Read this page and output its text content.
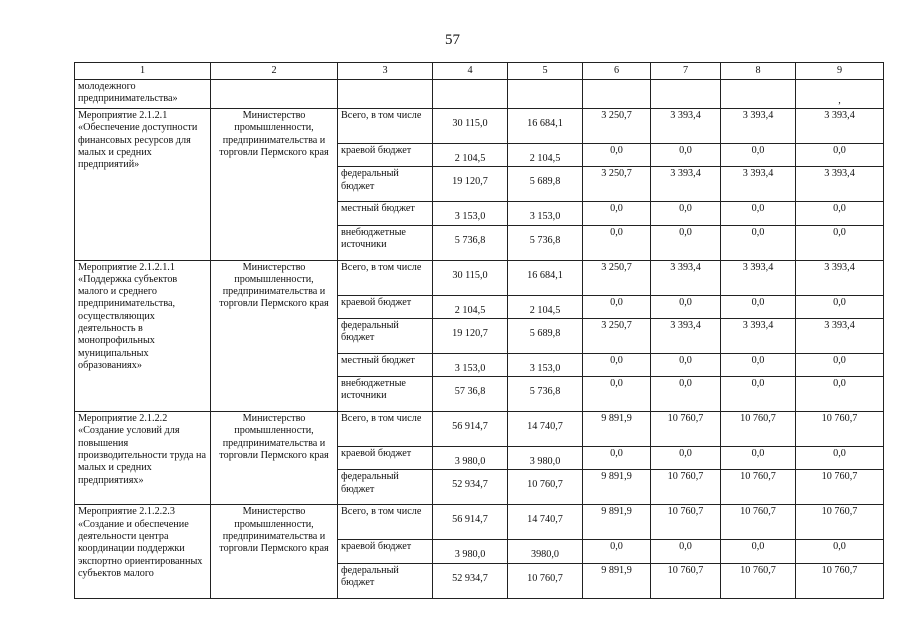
57
1	2	3	4	5	6	7	8	9
молодежного предпринимательства»								,
Мероприятие 2.1.2.1 «Обеспечение доступности финансовых ресурсов для малых и средних предприятий»	Министерство промышленности, предпринимательства и торговли Пермского края	Всего, в том числе	30 115,0	16 684,1	3 250,7	3 393,4	3 393,4	3 393,4
		краевой бюджет	2 104,5	2 104,5	0,0	0,0	0,0	0,0
		федеральный бюджет	19 120,7	5 689,8	3 250,7	3 393,4	3 393,4	3 393,4
		местный бюджет	3 153,0	3 153,0	0,0	0,0	0,0	0,0
		внебюджетные источники	5 736,8	5 736,8	0,0	0,0	0,0	0,0
Мероприятие 2.1.2.1.1 «Поддержка субъектов малого и среднего предпринимательства, осуществляющих деятельность в монопрофильных муниципальных образованиях»	Министерство промышленности, предпринимательства и торговли Пермского края	Всего, в том числе	30 115,0	16 684,1	3 250,7	3 393,4	3 393,4	3 393,4
		краевой бюджет	2 104,5	2 104,5	0,0	0,0	0,0	0,0
		федеральный бюджет	19 120,7	5 689,8	3 250,7	3 393,4	3 393,4	3 393,4
		местный бюджет	3 153,0	3 153,0	0,0	0,0	0,0	0,0
		внебюджетные источники	57 36,8	5 736,8	0,0	0,0	0,0	0,0
Мероприятие 2.1.2.2 «Создание условий для повышения производительности труда на малых и средних предприятиях»	Министерство промышленности, предпринимательства и торговли Пермского края	Всего, в том числе	56 914,7	14 740,7	9 891,9	10 760,7	10 760,7	10 760,7
		краевой бюджет	3 980,0	3 980,0	0,0	0,0	0,0	0,0
		федеральный бюджет	52 934,7	10 760,7	9 891,9	10 760,7	10 760,7	10 760,7
Мероприятие 2.1.2.2.3 «Создание и обеспечение деятельности центра координации поддержки экспортно ориентированных субъектов малого	Министерство промышленности, предпринимательства и торговли Пермского края	Всего, в том числе	56 914,7	14 740,7	9 891,9	10 760,7	10 760,7	10 760,7
		краевой бюджет	3 980,0	3980,0	0,0	0,0	0,0	0,0
		федеральный бюджет	52 934,7	10 760,7	9 891,9	10 760,7	10 760,7	10 760,7
